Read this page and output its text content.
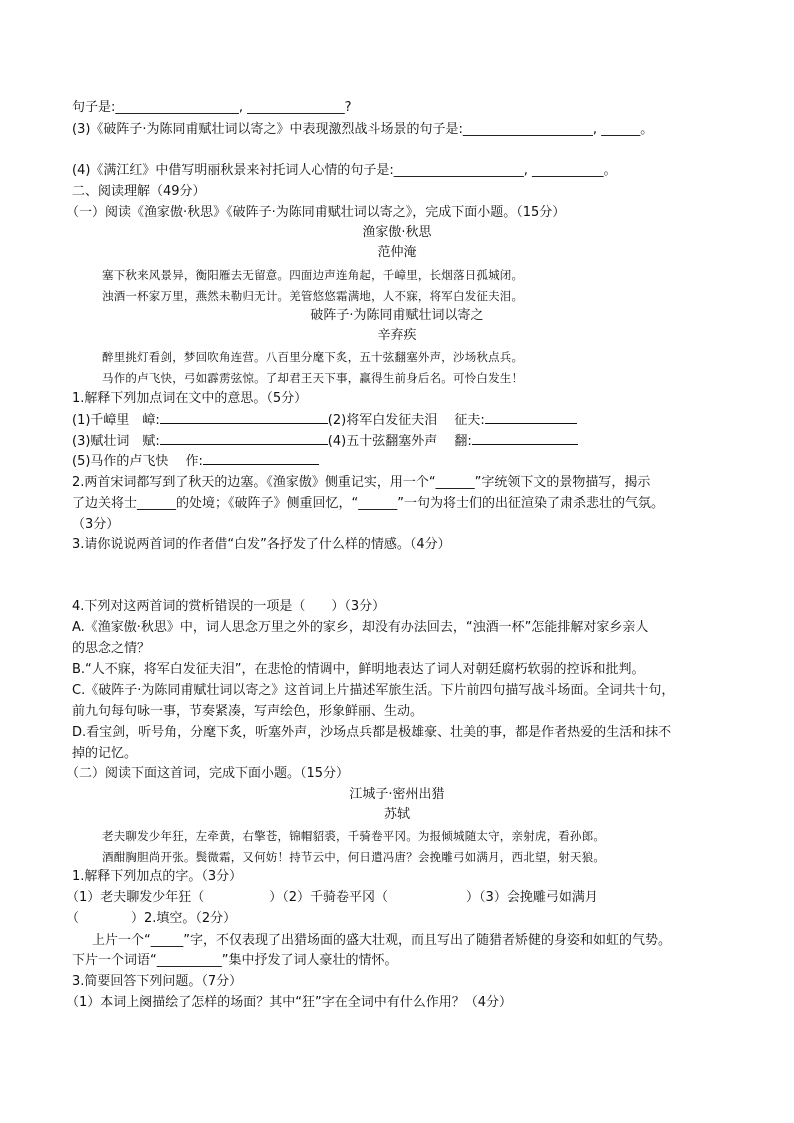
句子是:___________________, _______________?
(3)《破阵子·为陈同甫赋壮词以寄之》中表现激烈战斗场景的句子是:____________________, ______。
(4)《满江红》中借写明丽秋景来衬托词人心情的句子是:____________________, ___________。
二、阅读理解（49分）
（一）阅读《渔家傲·秋思》《破阵子·为陈同甫赋壮词以寄之》，完成下面小题。（15分）
渔家傲·秋思
范仲淹
塞下秋来风景异，衡阳雁去无留意。四面边声连角起，千嶂里，长烟落日孤城闭。
浊酒一杯家万里，燕然未勒归无计。羌管悠悠霜满地，人不寐，将军白发征夫泪。
破阵子·为陈同甫赋壮词以寄之
辛弃疾
醉里挑灯看剑，梦回吹角连营。八百里分麾下炙，五十弦翻塞外声，沙场秋点兵。
马作的卢飞快，弓如霹雳弦惊。了却君王天下事，赢得生前身后名。可怜白发生！
1.解释下列加点词在文中的意思。（5分）
(1)千嶂里　嶂:	(2)将军白发征夫泪　 征夫:
(3)赋壮词　赋:	(4)五十弦翻塞外声　 翻:
(5)马作的卢飞快　 作:
2.两首宋词都写到了秋天的边塞。《渔家傲》侧重记实，用一个“______”字统领下文的景物描写，揭示
了边关将士______的处境；《破阵子》侧重回忆，“______”一句为将士们的出征渲染了肃杀悲壮的气氛。
（3分）
3.请你说说两首词的作者借“白发”各抒发了什么样的情感。（4分）
4.下列对这两首词的赏析错误的一项是（　　）（3分）
A.《渔家傲·秋思》中，词人思念万里之外的家乡，却没有办法回去，“浊酒一杯”怎能排解对家乡亲人
的思念之情？
B.“人不寐，将军白发征夫泪”，在悲怆的情调中，鲜明地表达了词人对朝廷腐朽软弱的控诉和批判。
C.《破阵子·为陈同甫赋壮词以寄之》这首词上片描述军旅生活。下片前四句描写战斗场面。全词共十句，
前九句每句咏一事，节奏紧凑，写声绘色，形象鲜丽、生动。
D.看宝剑，听号角，分麾下炙，听塞外声，沙场点兵都是极雄豪、壮美的事，都是作者热爱的生活和抹不
掉的记忆。
（二）阅读下面这首词，完成下面小题。（15分）
江城子·密州出猎
苏轼
老夫聊发少年狂，左牵黄，右擎苍，锦帽貂裘，千骑卷平冈。为报倾城随太守，亲射虎，看孙郎。
酒酣胸胆尚开张。鬓微霜，又何妨！持节云中，何日遣冯唐？会挽雕弓如满月，西北望，射天狼。
1.解释下列加点的字。（3分）
（1）老夫聊发少年狂（　　　　　）（2）千骑卷平冈（　　　　　　）（3）会挽雕弓如满月
（　　　　）2.填空。（2分）
　　上片一个“_____”字，不仅表现了出猎场面的盛大壮观，而且写出了随猎者矫健的身姿和如虹的气势。
下片一个词语“__________”集中抒发了词人豪壮的情怀。
3.简要回答下列问题。（7分）
（1）本词上阕描绘了怎样的场面？其中“狂”字在全词中有什么作用？（4分）
